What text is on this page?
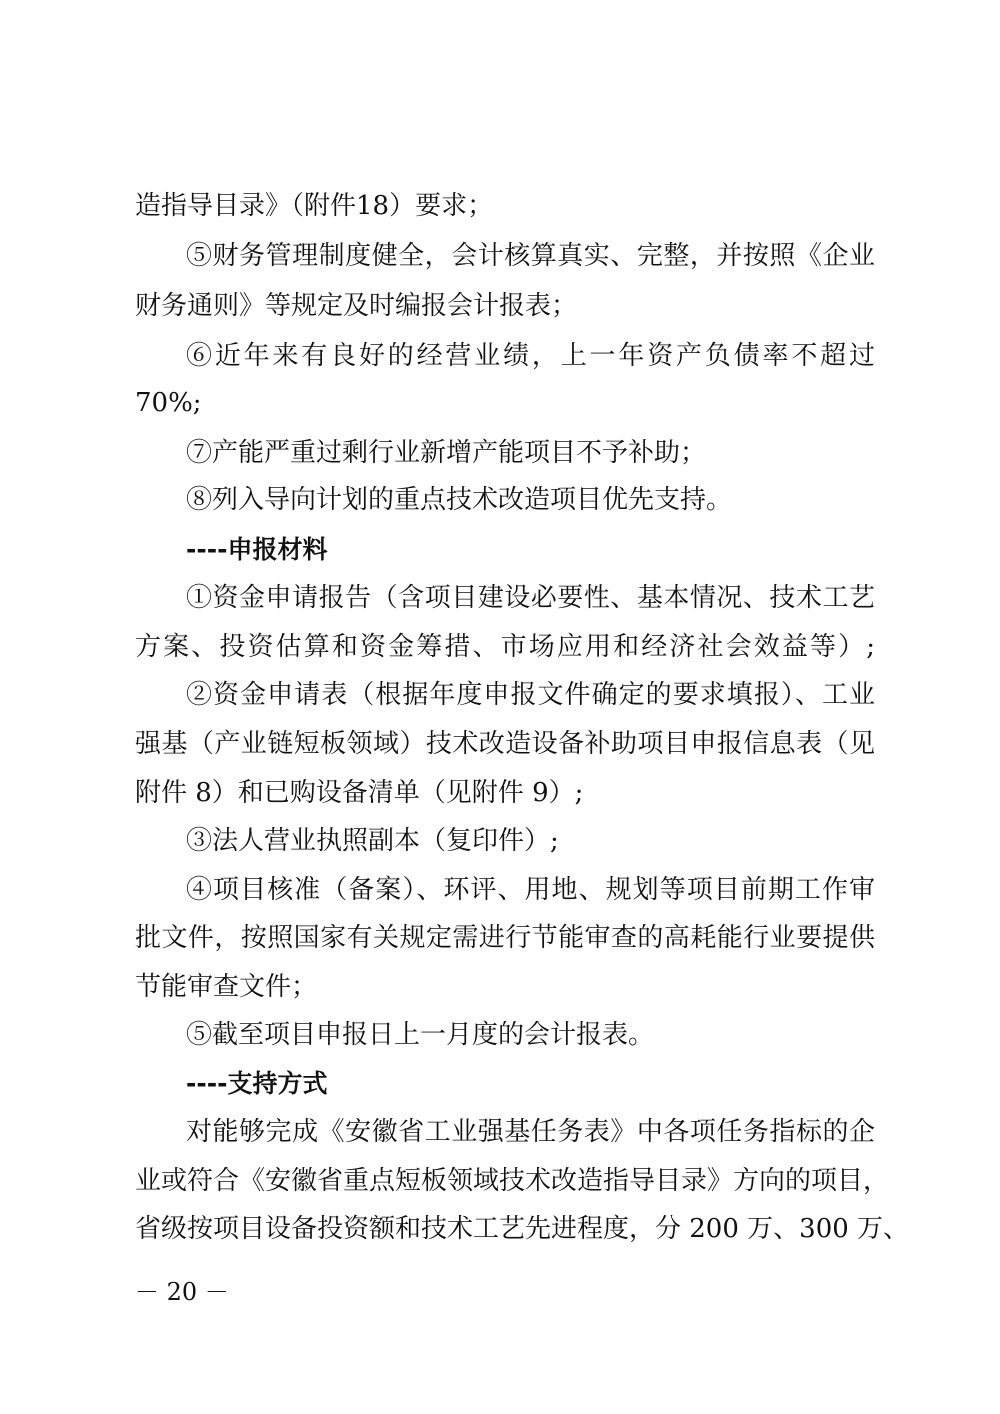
造指导目录》（附件18）要求；
⑤财务管理制度健全，会计核算真实、完整，并按照《企业
财务通则》等规定及时编报会计报表；
⑥近年来有良好的经营业绩，上一年资产负债率不超过
70%;
⑦产能严重过剩行业新增产能项目不予补助；
⑧列入导向计划的重点技术改造项目优先支持。
----申报材料
①资金申请报告（含项目建设必要性、基本情况、技术工艺
方案、投资估算和资金筹措、市场应用和经济社会效益等）;
②资金申请表（根据年度申报文件确定的要求填报）、工业
强基（产业链短板领域）技术改造设备补助项目申报信息表（见
附件 8）和已购设备清单（见附件 9）;
③法人营业执照副本（复印件）;
④项目核准（备案）、环评、用地、规划等项目前期工作审
批文件，按照国家有关规定需进行节能审查的高耗能行业要提供
节能审查文件；
⑤截至项目申报日上一月度的会计报表。
----支持方式
对能够完成《安徽省工业强基任务表》中各项任务指标的企
业或符合《安徽省重点短板领域技术改造指导目录》方向的项目，
省级按项目设备投资额和技术工艺先进程度，分 200 万、300 万、
－ 20 －
